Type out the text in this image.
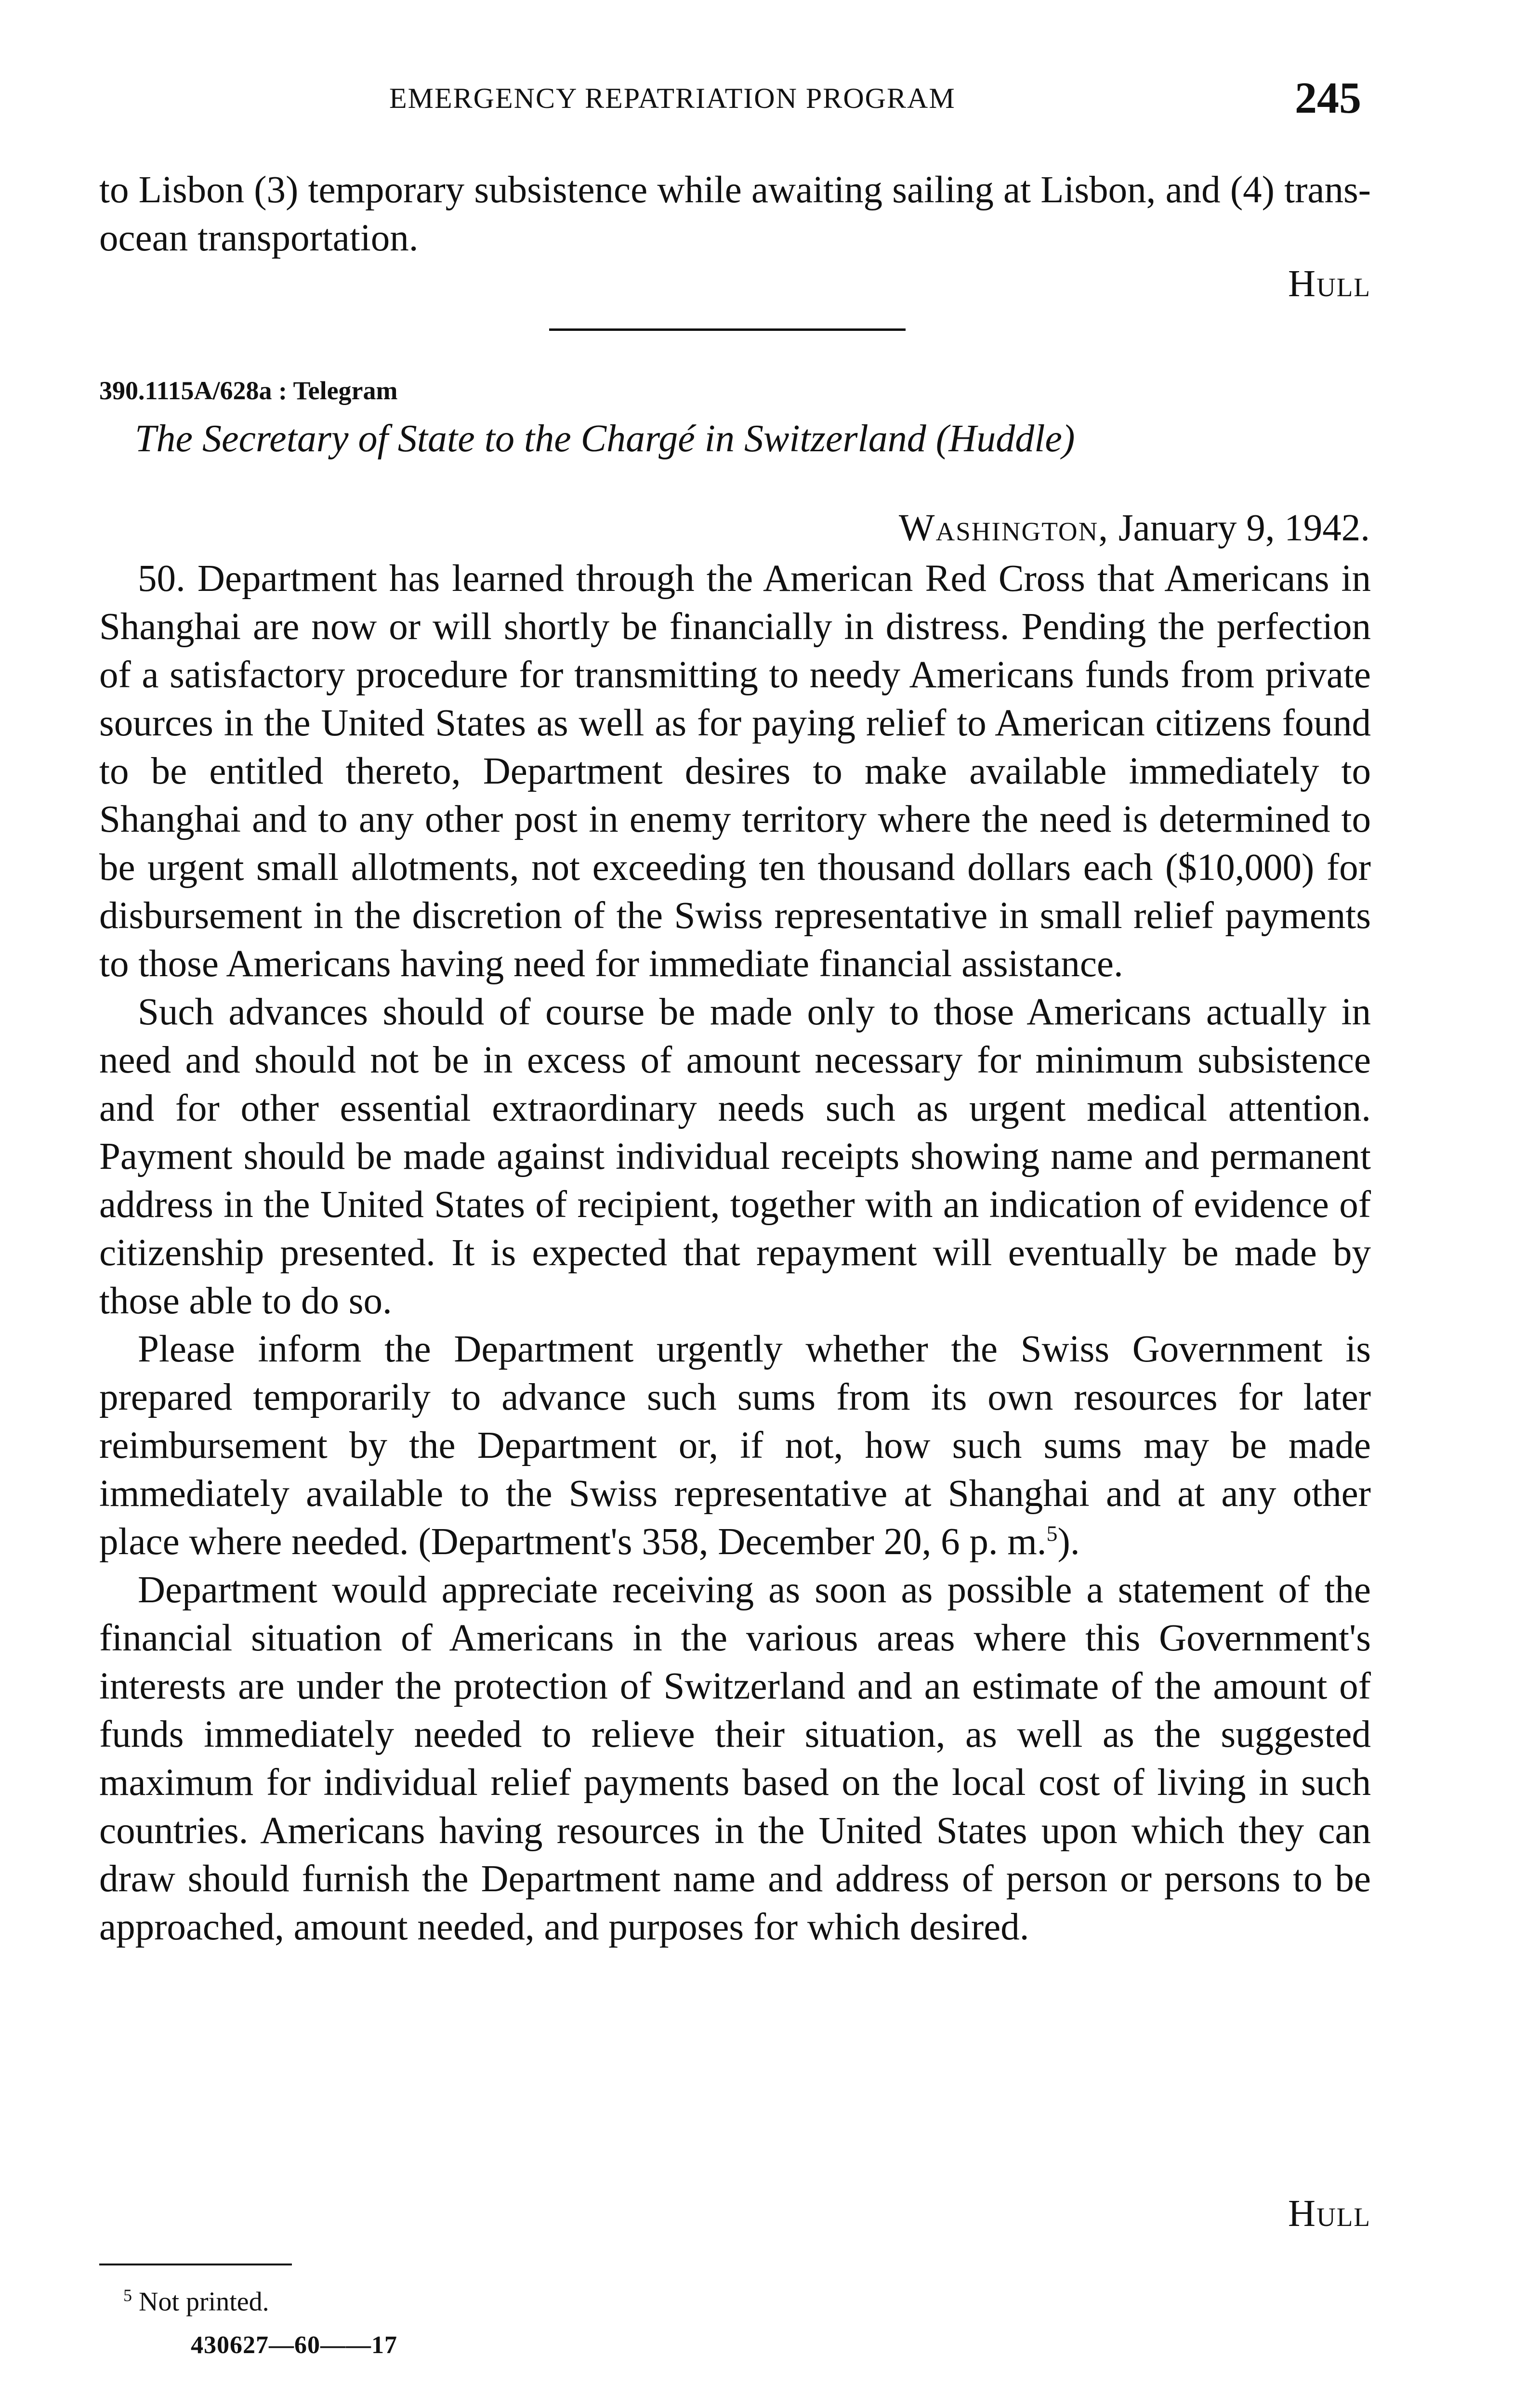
EMERGENCY REPATRIATION PROGRAM	245

to Lisbon (3) temporary subsistence while awaiting sailing at Lisbon, and (4) trans-ocean transportation.

Hull
390.1115A/628a : Telegram
The Secretary of State to the Chargé in Switzerland (Huddle)
Washington, January 9, 1942.

50. Department has learned through the American Red Cross that Americans in Shanghai are now or will shortly be financially in distress. Pending the perfection of a satisfactory procedure for transmitting to needy Americans funds from private sources in the United States as well as for paying relief to American citizens found to be entitled thereto, Department desires to make available immediately to Shanghai and to any other post in enemy territory where the need is determined to be urgent small allotments, not exceeding ten thousand dollars each ($10,000) for disbursement in the discretion of the Swiss representative in small relief payments to those Americans having need for immediate financial assistance.

Such advances should of course be made only to those Americans actually in need and should not be in excess of amount necessary for minimum subsistence and for other essential extraordinary needs such as urgent medical attention. Payment should be made against individual receipts showing name and permanent address in the United States of recipient, together with an indication of evidence of citizenship presented. It is expected that repayment will eventually be made by those able to do so.

Please inform the Department urgently whether the Swiss Government is prepared temporarily to advance such sums from its own resources for later reimbursement by the Department or, if not, how such sums may be made immediately available to the Swiss representative at Shanghai and at any other place where needed. (Department's 358, December 20, 6 p. m.$^5$).

Department would appreciate receiving as soon as possible a statement of the financial situation of Americans in the various areas where this Government's interests are under the protection of Switzerland and an estimate of the amount of funds immediately needed to relieve their situation, as well as the suggested maximum for individual relief payments based on the local cost of living in such countries. Americans having resources in the United States upon which they can draw should furnish the Department name and address of person or persons to be approached, amount needed, and purposes for which desired.

Hull
$^5$ Not printed.
430627—60——17
